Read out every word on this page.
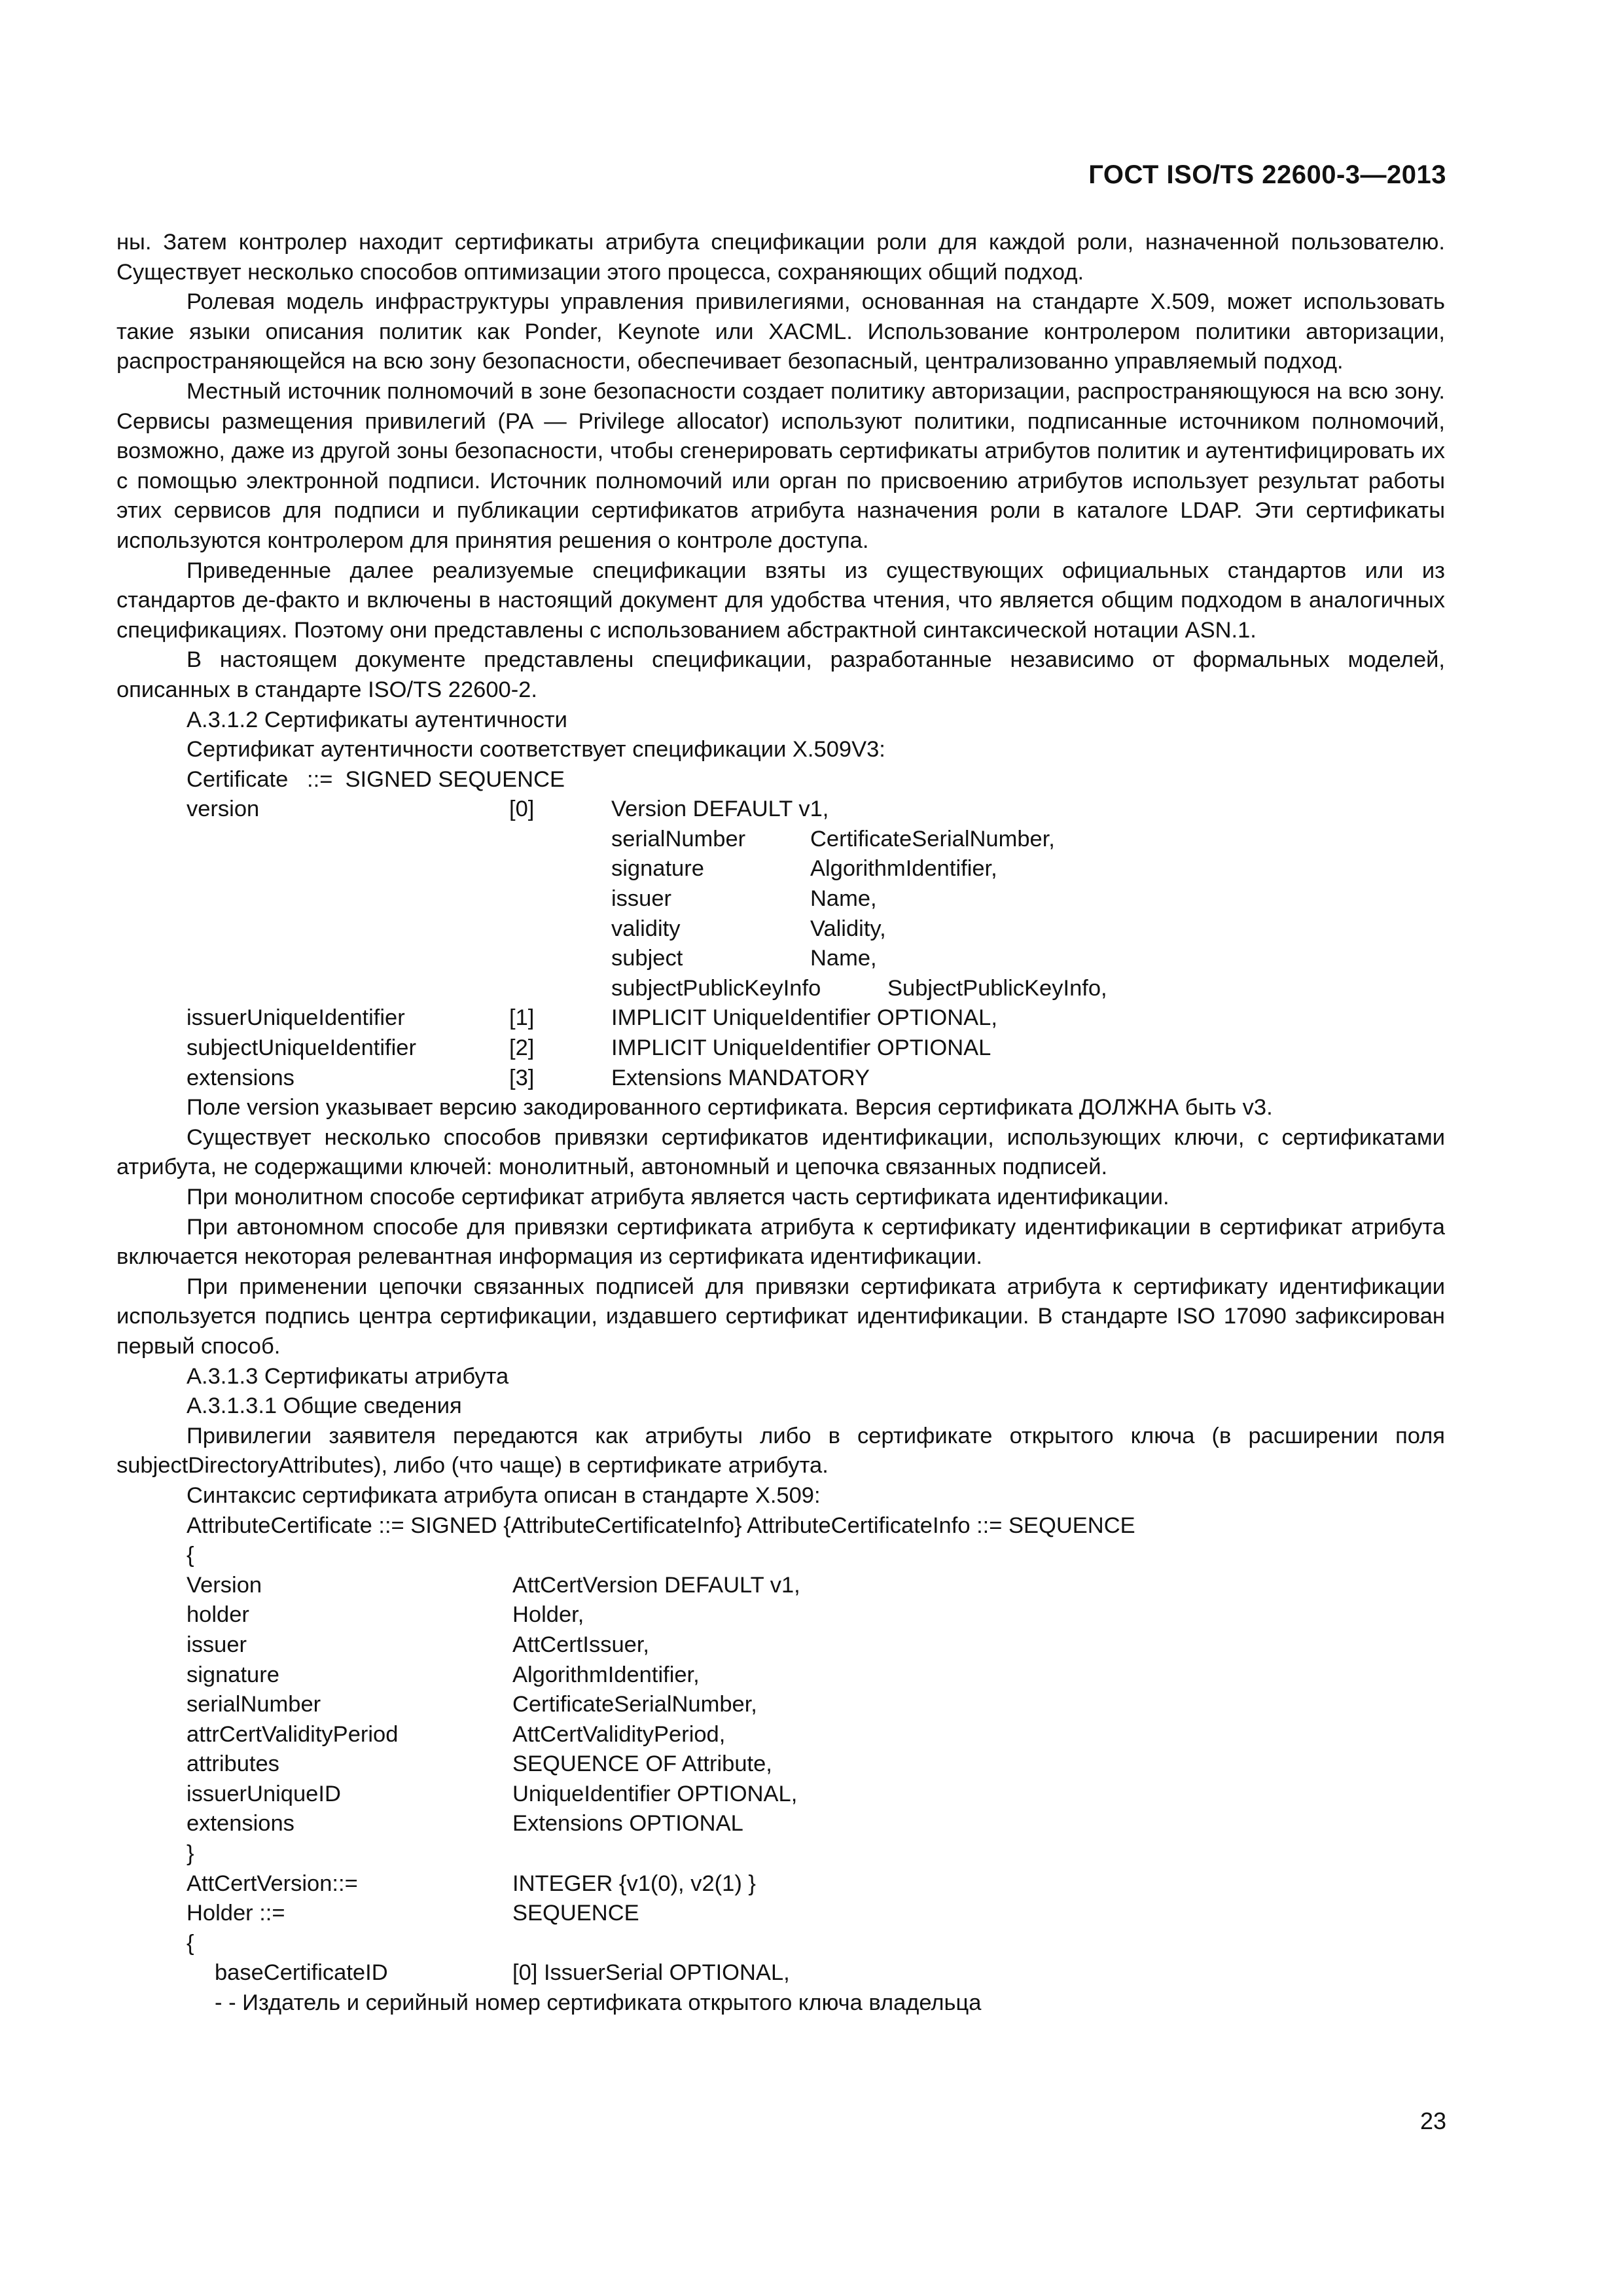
ГОСТ ISO/TS 22600-3—2013

ны. Затем контролер находит сертификаты атрибута спецификации роли для каждой роли, назначенной пользователю. Существует несколько способов оптимизации этого процесса, сохраняющих общий подход.

Ролевая модель инфраструктуры управления привилегиями, основанная на стандарте X.509, может использовать такие языки описания политик как Ponder, Keynote или XACML. Использование контролером политики авторизации, распространяющейся на всю зону безопасности, обеспечивает безопасный, централизованно управляемый подход.

Местный источник полномочий в зоне безопасности создает политику авторизации, распространяющуюся на всю зону. Сервисы размещения привилегий (PA — Privilege allocator) используют политики, подписанные источником полномочий, возможно, даже из другой зоны безопасности, чтобы сгенерировать сертификаты атрибутов политик и аутентифицировать их с помощью электронной подписи. Источник полномочий или орган по присвоению атрибутов использует результат работы этих сервисов для подписи и публикации сертификатов атрибута назначения роли в каталоге LDAP. Эти сертификаты используются контролером для принятия решения о контроле доступа.

Приведенные далее реализуемые спецификации взяты из существующих официальных стандартов или из стандартов де-факто и включены в настоящий документ для удобства чтения, что является общим подходом в аналогичных спецификациях. Поэтому они представлены с использованием абстрактной синтаксической нотации ASN.1.

В настоящем документе представлены спецификации, разработанные независимо от формальных моделей, описанных в стандарте ISO/TS 22600-2.

А.3.1.2 Сертификаты аутентичности

Сертификат аутентичности соответствует спецификации X.509V3:

Certificate   ::=  SIGNED SEQUENCE

version	[0]	Version DEFAULT v1,
serialNumber	CertificateSerialNumber,
signature	AlgorithmIdentifier,
issuer	Name,
validity	Validity,
subject	Name,
subjectPublicKeyInfo	SubjectPublicKeyInfo,
issuerUniqueIdentifier	[1]	IMPLICIT UniqueIdentifier OPTIONAL,
subjectUniqueIdentifier	[2]	IMPLICIT UniqueIdentifier OPTIONAL
extensions	[3]	Extensions MANDATORY

Поле version указывает версию закодированного сертификата. Версия сертификата ДОЛЖНА быть v3.

Существует несколько способов привязки сертификатов идентификации, использующих ключи, с сертификатами атрибута, не содержащими ключей: монолитный, автономный и цепочка связанных подписей.

При монолитном способе сертификат атрибута является часть сертификата идентификации.

При автономном способе для привязки сертификата атрибута к сертификату идентификации в сертификат атрибута включается некоторая релевантная информация из сертификата идентификации.

При применении цепочки связанных подписей для привязки сертификата атрибута к сертификату идентификации используется подпись центра сертификации, издавшего сертификат идентификации. В стандарте ISO 17090 зафиксирован первый способ.

А.3.1.3 Сертификаты атрибута

А.3.1.3.1 Общие сведения

Привилегии заявителя передаются как атрибуты либо в сертификате открытого ключа (в расширении поля subjectDirectoryAttributes), либо (что чаще) в сертификате атрибута.

Синтаксис сертификата атрибута описан в стандарте X.509:

AttributeCertificate ::= SIGNED {AttributeCertificateInfo} AttributeCertificateInfo ::= SEQUENCE

{

Version	AttCertVersion DEFAULT v1,
holder	Holder,
issuer	AttCertIssuer,
signature	AlgorithmIdentifier,
serialNumber	CertificateSerialNumber,
attrCertValidityPeriod	AttCertValidityPeriod,
attributes	SEQUENCE OF Attribute,
issuerUniqueID	UniqueIdentifier OPTIONAL,
extensions	Extensions OPTIONAL
}
AttCertVersion::=	INTEGER {v1(0), v2(1) }
Holder ::=	SEQUENCE
{
baseCertificateID	[0] IssuerSerial OPTIONAL,
- - Издатель и серийный номер сертификата открытого ключа владельца
23
